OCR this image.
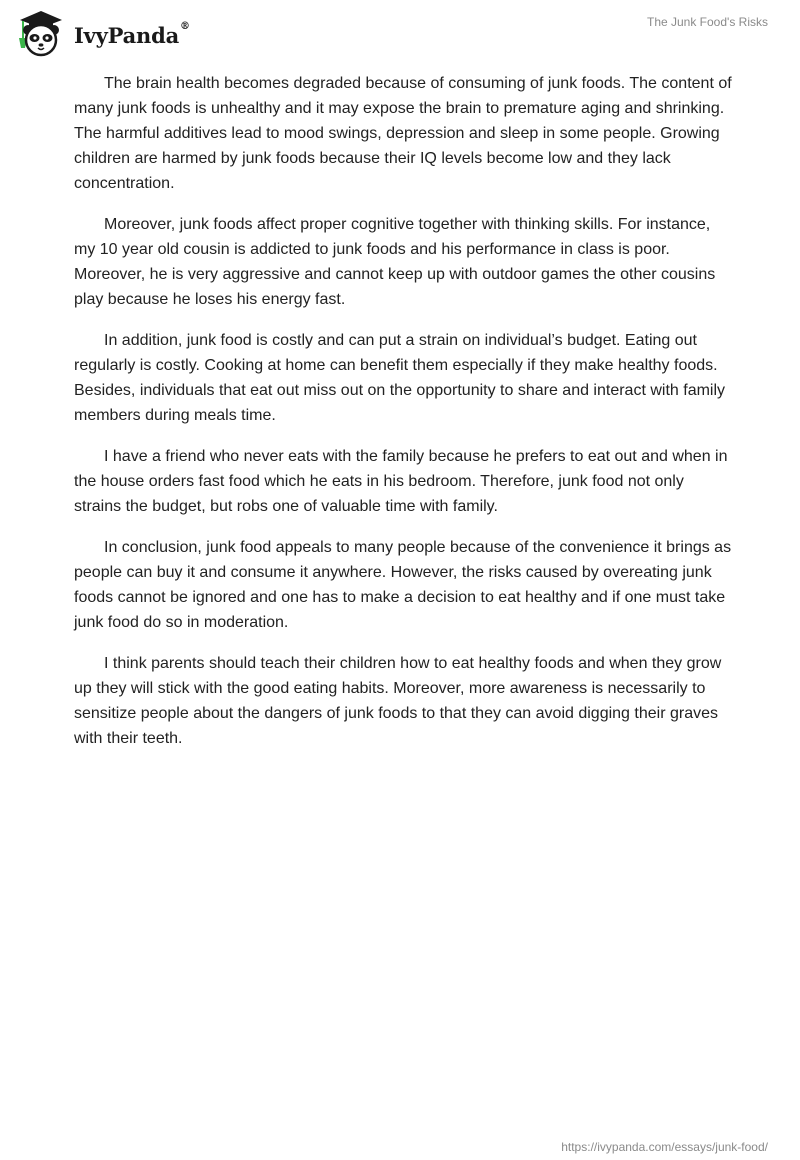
IvyPanda®	The Junk Food's Risks

The brain health becomes degraded because of consuming of junk foods. The content of many junk foods is unhealthy and it may expose the brain to premature aging and shrinking. The harmful additives lead to mood swings, depression and sleep in some people. Growing children are harmed by junk foods because their IQ levels become low and they lack concentration.

Moreover, junk foods affect proper cognitive together with thinking skills. For instance, my 10 year old cousin is addicted to junk foods and his performance in class is poor. Moreover, he is very aggressive and cannot keep up with outdoor games the other cousins play because he loses his energy fast.

In addition, junk food is costly and can put a strain on individual’s budget. Eating out regularly is costly. Cooking at home can benefit them especially if they make healthy foods. Besides, individuals that eat out miss out on the opportunity to share and interact with family members during meals time.

I have a friend who never eats with the family because he prefers to eat out and when in the house orders fast food which he eats in his bedroom. Therefore, junk food not only strains the budget, but robs one of valuable time with family.

In conclusion, junk food appeals to many people because of the convenience it brings as people can buy it and consume it anywhere. However, the risks caused by overeating junk foods cannot be ignored and one has to make a decision to eat healthy and if one must take junk food do so in moderation.

I think parents should teach their children how to eat healthy foods and when they grow up they will stick with the good eating habits. Moreover, more awareness is necessarily to sensitize people about the dangers of junk foods to that they can avoid digging their graves with their teeth.

https://ivypanda.com/essays/junk-food/
